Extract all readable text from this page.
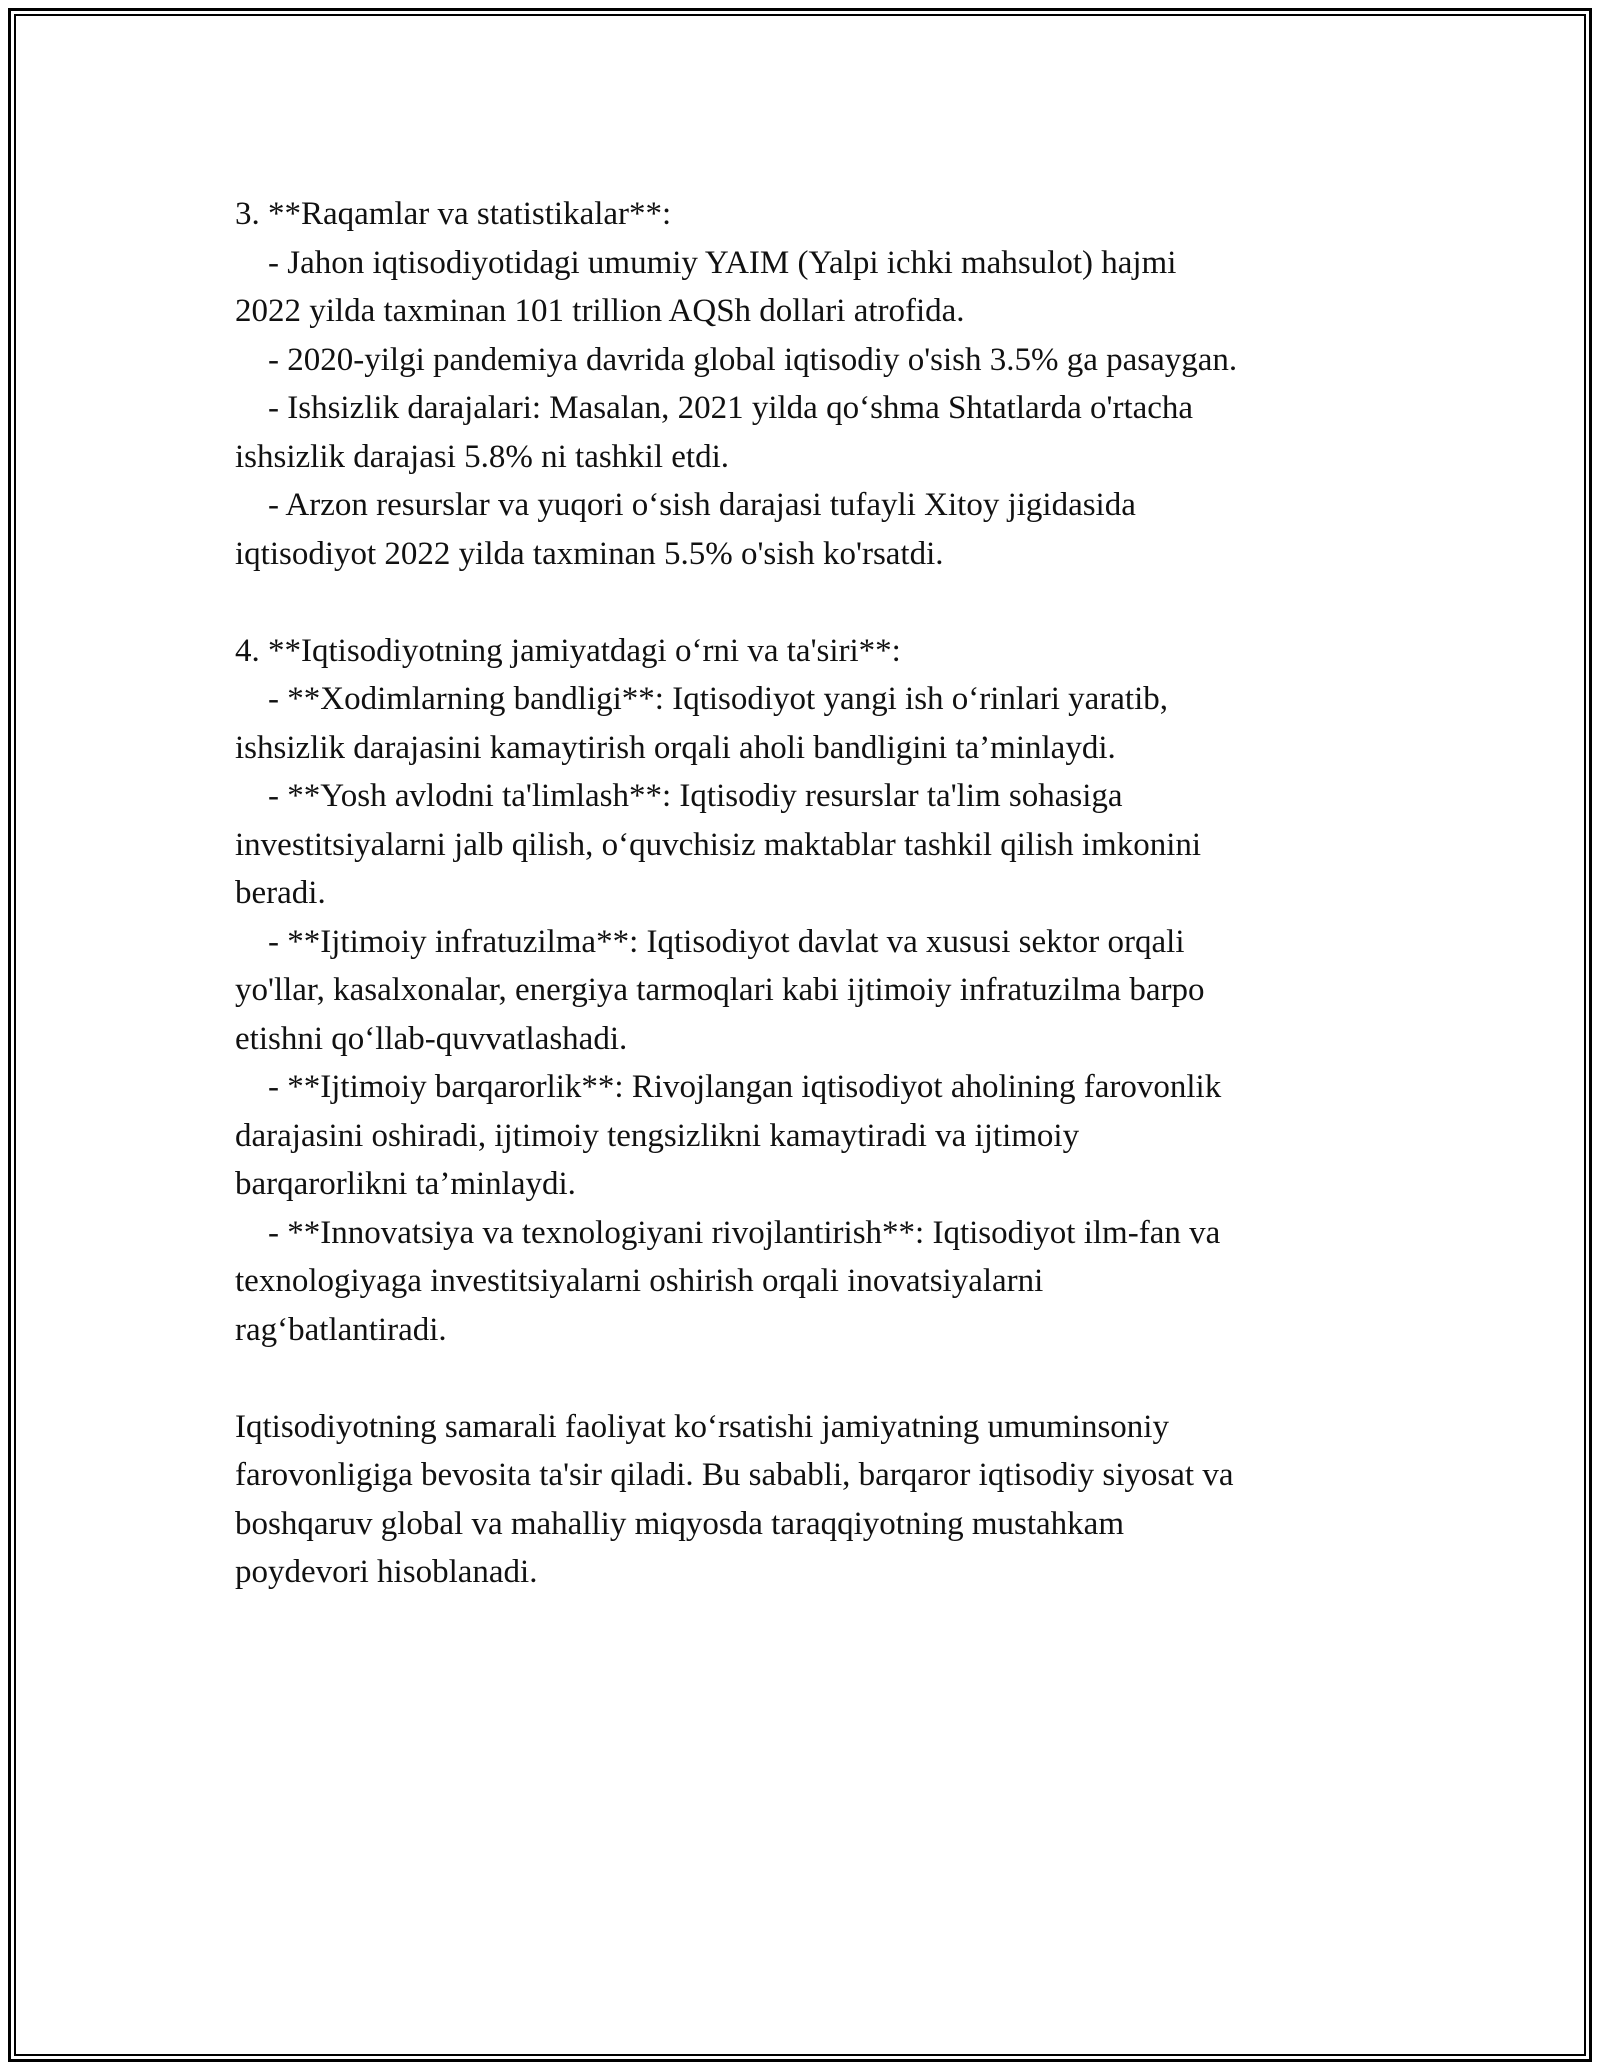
3. **Raqamlar va statistikalar**:
- Jahon iqtisodiyotidagi umumiy YAIM (Yalpi ichki mahsulot) hajmi
2022 yilda taxminan 101 trillion AQSh dollari atrofida.
- 2020-yilgi pandemiya davrida global iqtisodiy o'sish 3.5% ga pasaygan.
- Ishsizlik darajalari: Masalan, 2021 yilda qo‘shma Shtatlarda o'rtacha
ishsizlik darajasi 5.8% ni tashkil etdi.
- Arzon resurslar va yuqori o‘sish darajasi tufayli Xitoy jigidasida
iqtisodiyot 2022 yilda taxminan 5.5% o'sish ko'rsatdi.
4. **Iqtisodiyotning jamiyatdagi o‘rni va ta'siri**:
- **Xodimlarning bandligi**: Iqtisodiyot yangi ish o‘rinlari yaratib,
ishsizlik darajasini kamaytirish orqali aholi bandligini ta’minlaydi.
- **Yosh avlodni ta'limlash**: Iqtisodiy resurslar ta'lim sohasiga
investitsiyalarni jalb qilish, o‘quvchisiz maktablar tashkil qilish imkonini
beradi.
- **Ijtimoiy infratuzilma**: Iqtisodiyot davlat va xususi sektor orqali
yo'llar, kasalxonalar, energiya tarmoqlari kabi ijtimoiy infratuzilma barpo
etishni qo‘llab-quvvatlashadi.
- **Ijtimoiy barqarorlik**: Rivojlangan iqtisodiyot aholining farovonlik
darajasini oshiradi, ijtimoiy tengsizlikni kamaytiradi va ijtimoiy
barqarorlikni ta’minlaydi.
- **Innovatsiya va texnologiyani rivojlantirish**: Iqtisodiyot ilm-fan va
texnologiyaga investitsiyalarni oshirish orqali inovatsiyalarni
rag‘batlantiradi.
Iqtisodiyotning samarali faoliyat ko‘rsatishi jamiyatning umuminsoniy
farovonligiga bevosita ta'sir qiladi. Bu sababli, barqaror iqtisodiy siyosat va
boshqaruv global va mahalliy miqyosda taraqqiyotning mustahkam
poydevori hisoblanadi.
